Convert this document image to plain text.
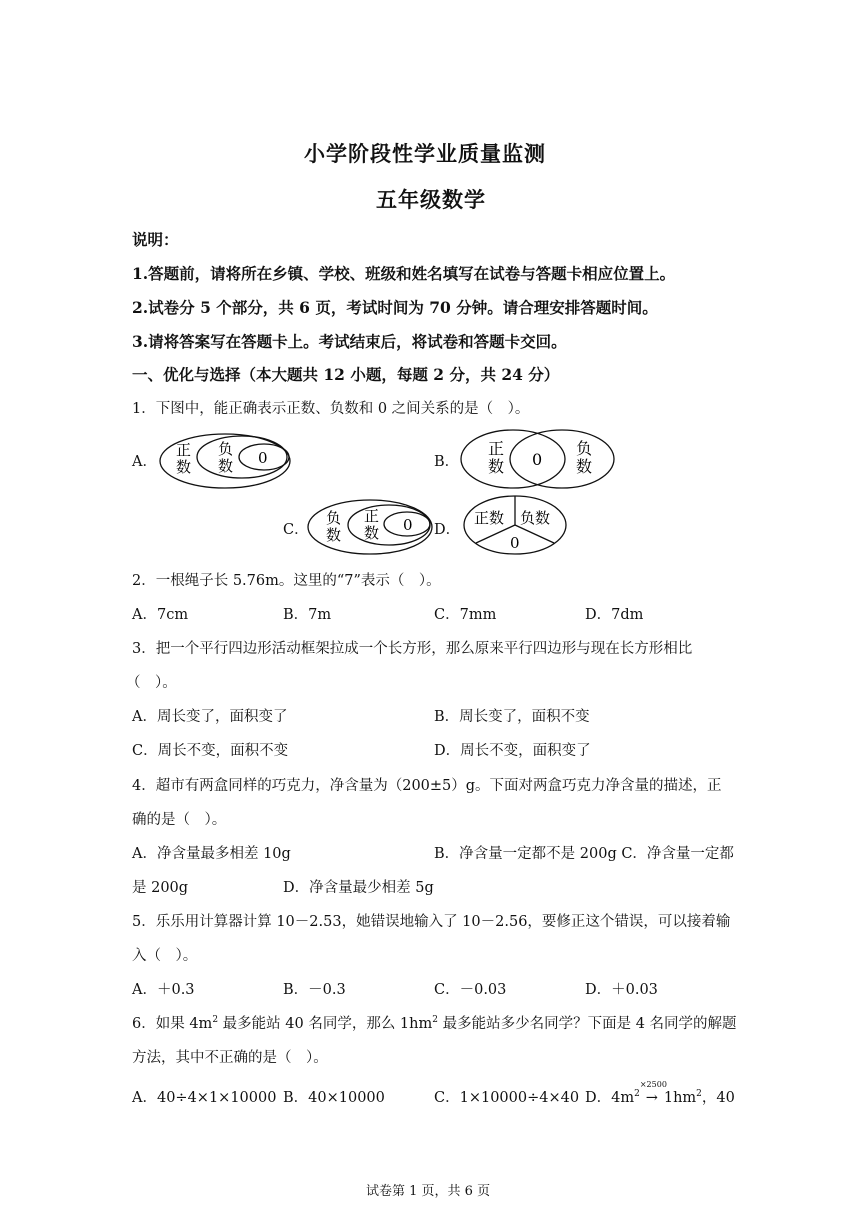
小学阶段性学业质量监测
五年级数学
说明：
1.答题前，请将所在乡镇、学校、班级和姓名填写在试卷与答题卡相应位置上。
2.试卷分 5 个部分，共 6 页，考试时间为 70 分钟。请合理安排答题时间。
3.请将答案写在答题卡上。考试结束后，将试卷和答题卡交回。
一、优化与选择（本大题共 12 小题，每题 2 分，共 24 分）
1．下图中，能正确表示正数、负数和 0 之间关系的是（　）。
A．
正
数
负
数 0	B．
正
数 0
负
数
C．
负
数
正
数 0 D．
正数 负数
0
2．一根绳子长 5.76m。这里的“7”表示（　）。
A．7cm	B．7m	C．7mm	D．7dm
3．把一个平行四边形活动框架拉成一个长方形，那么原来平行四边形与现在长方形相比
（　）。
A．周长变了，面积变了	B．周长变了，面积不变
C．周长不变，面积不变	D．周长不变，面积变了
4．超市有两盒同样的巧克力，净含量为（200±5）g。下面对两盒巧克力净含量的描述，正
确的是（　）。
A．净含量最多相差 10g	B．净含量一定都不是 200g C．净含量一定都
是 200g	D．净含量最少相差 5g
5．乐乐用计算器计算 10－2.53，她错误地输入了 10－2.56，要修正这个错误，可以接着输
入（　）。
A．＋0.3	B．－0.3	C．－0.03	D．＋0.03
6．如果 $4m^2$ 最多能站 40 名同学，那么 $1hm^2$ 最多能站多少名同学？下面是 4 名同学的解题
方法，其中不正确的是（　）。
A．40÷4×1×10000 B．40×10000	C．1×10000÷4×40 D．$4m^2$
×2500
→ $1hm^2$，40
试卷第 1 页，共 6 页
